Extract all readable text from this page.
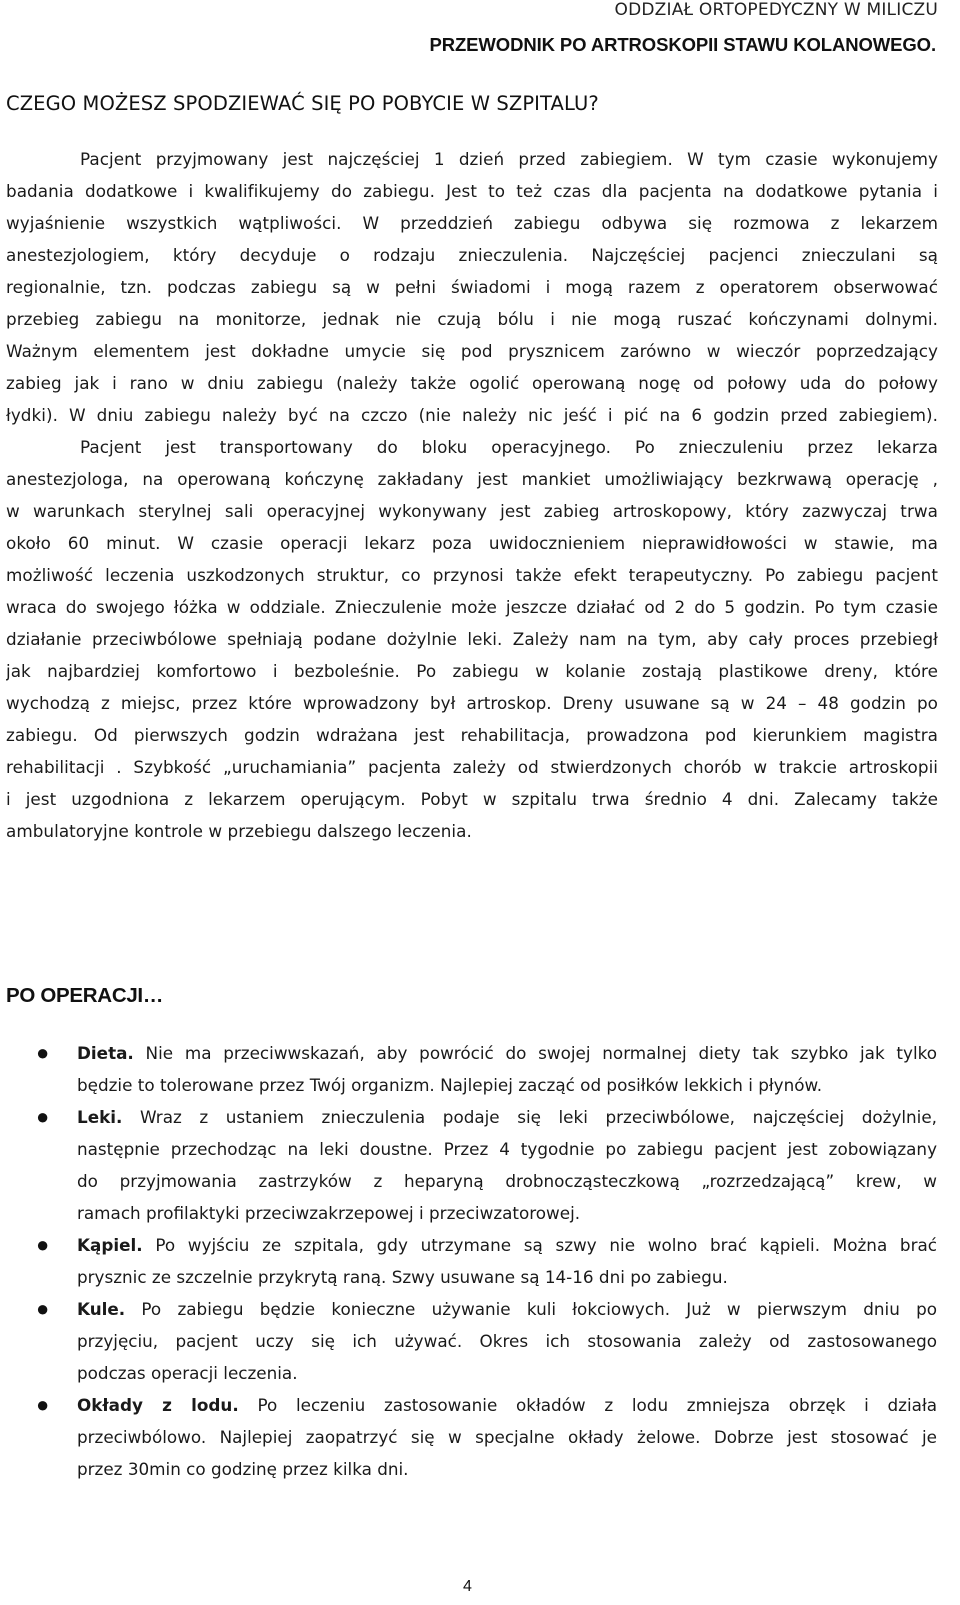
ODDZIAŁ ORTOPEDYCZNY W MILICZU
PRZEWODNIK PO ARTROSKOPII STAWU KOLANOWEGO.
CZEGO MOŻESZ SPODZIEWAĆ SIĘ PO POBYCIE W SZPITALU?
Pacjent przyjmowany jest najczęściej 1 dzień przed zabiegiem. W tym czasie wykonujemy
badania dodatkowe i kwalifikujemy do zabiegu. Jest to też czas dla pacjenta na dodatkowe pytania i
wyjaśnienie wszystkich wątpliwości. W przeddzień zabiegu odbywa się rozmowa z lekarzem
anestezjologiem, który decyduje o rodzaju znieczulenia. Najczęściej pacjenci znieczulani są
regionalnie, tzn. podczas zabiegu są w pełni świadomi i mogą razem z operatorem obserwować
przebieg zabiegu na monitorze, jednak nie czują bólu i nie mogą ruszać kończynami dolnymi.
Ważnym elementem jest dokładne umycie się pod prysznicem zarówno w wieczór poprzedzający
zabieg jak i rano w dniu zabiegu (należy także ogolić operowaną nogę od połowy uda do połowy
łydki). W dniu zabiegu należy być na czczo (nie należy nic jeść i pić na 6 godzin przed zabiegiem).
Pacjent jest transportowany do bloku operacyjnego. Po znieczuleniu przez lekarza
anestezjologa, na operowaną kończynę zakładany jest mankiet umożliwiający bezkrwawą operację ,
w warunkach sterylnej sali operacyjnej wykonywany jest zabieg artroskopowy, który zazwyczaj trwa
około 60 minut. W czasie operacji lekarz poza uwidocznieniem nieprawidłowości w stawie, ma
możliwość leczenia uszkodzonych struktur, co przynosi także efekt terapeutyczny. Po zabiegu pacjent
wraca do swojego łóżka w oddziale. Znieczulenie może jeszcze działać od 2 do 5 godzin. Po tym czasie
działanie przeciwbólowe spełniają podane dożylnie leki. Zależy nam na tym, aby cały proces przebiegł
jak najbardziej komfortowo i bezboleśnie. Po zabiegu w kolanie zostają plastikowe dreny, które
wychodzą z miejsc, przez które wprowadzony był artroskop. Dreny usuwane są w 24 – 48 godzin po
zabiegu. Od pierwszych godzin wdrażana jest rehabilitacja, prowadzona pod kierunkiem magistra
rehabilitacji . Szybkość „uruchamiania” pacjenta zależy od stwierdzonych chorób w trakcie artroskopii
i jest uzgodniona z lekarzem operującym. Pobyt w szpitalu trwa średnio 4 dni. Zalecamy także
ambulatoryjne kontrole w przebiegu dalszego leczenia.
PO OPERACJI…
● Dieta. Nie ma przeciwwskazań, aby powrócić do swojej normalnej diety tak szybko jak tylko
będzie to tolerowane przez Twój organizm. Najlepiej zacząć od posiłków lekkich i płynów.
● Leki. Wraz z ustaniem znieczulenia podaje się leki przeciwbólowe, najczęściej dożylnie,
następnie przechodząc na leki doustne. Przez 4 tygodnie po zabiegu pacjent jest zobowiązany
do przyjmowania zastrzyków z heparyną drobnocząsteczkową „rozrzedzającą” krew, w
ramach profilaktyki przeciwzakrzepowej i przeciwzatorowej.
● Kąpiel. Po wyjściu ze szpitala, gdy utrzymane są szwy nie wolno brać kąpieli. Można brać
prysznic ze szczelnie przykrytą raną. Szwy usuwane są 14-16 dni po zabiegu.
● Kule. Po zabiegu będzie konieczne używanie kuli łokciowych. Już w pierwszym dniu po
przyjęciu, pacjent uczy się ich używać. Okres ich stosowania zależy od zastosowanego
podczas operacji leczenia.
● Okłady z lodu. Po leczeniu zastosowanie okładów z lodu zmniejsza obrzęk i działa
przeciwbólowo. Najlepiej zaopatrzyć się w specjalne okłady żelowe. Dobrze jest stosować je
przez 30min co godzinę przez kilka dni.
4
